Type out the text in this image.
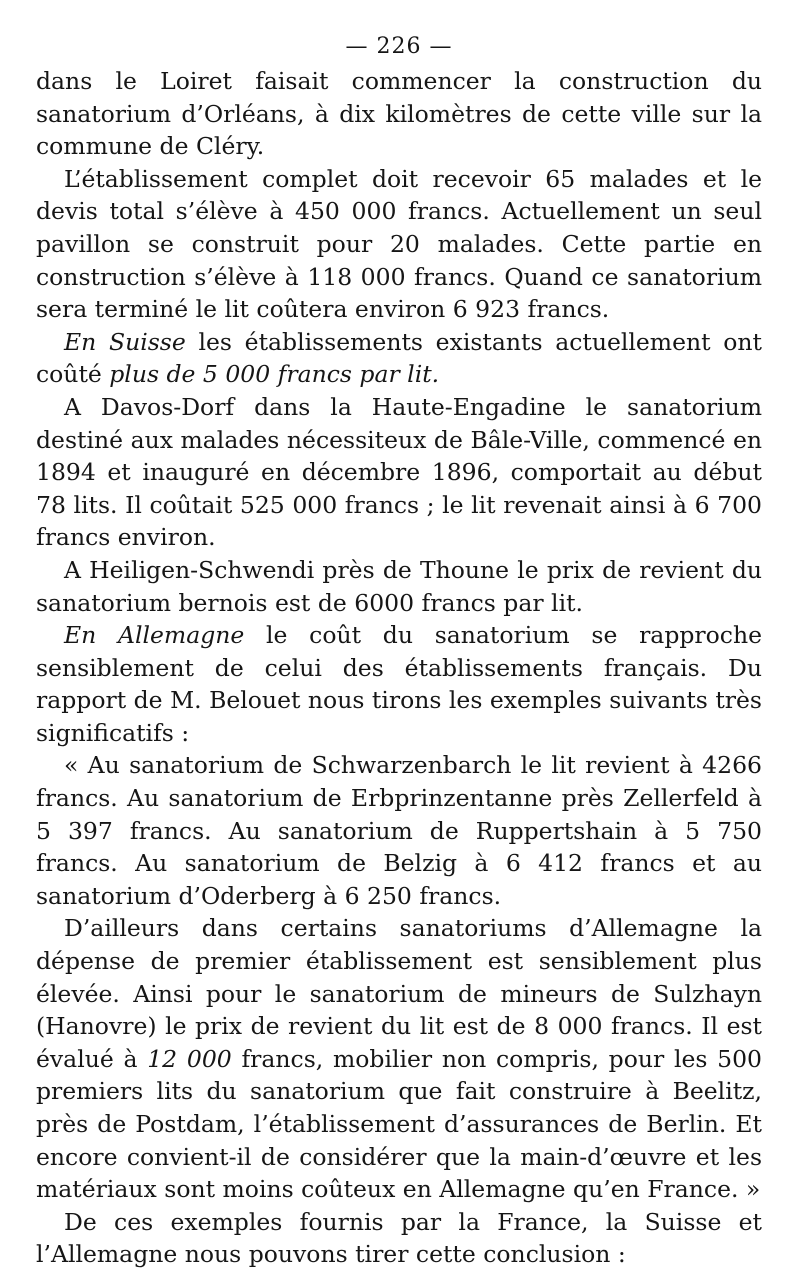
— 226 —

dans le Loiret faisait commencer la construction du sanatorium d’Orléans, à dix kilomètres de cette ville sur la commune de Cléry.

L’établissement complet doit recevoir 65 malades et le devis total s’élève à 450 000 francs. Actuellement un seul pavillon se construit pour 20 malades. Cette partie en construction s’élève à 118 000 francs. Quand ce sanatorium sera terminé le lit coûtera environ 6 923 francs.

En Suisse les établissements existants actuellement ont coûté plus de 5 000 francs par lit.

A Davos-Dorf dans la Haute-Engadine le sanatorium destiné aux malades nécessiteux de Bâle-Ville, commencé en 1894 et inauguré en décembre 1896, comportait au début 78 lits. Il coûtait 525 000 francs ; le lit revenait ainsi à 6 700 francs environ.

A Heiligen-Schwendi près de Thoune le prix de revient du sanatorium bernois est de 6000 francs par lit.

En Allemagne le coût du sanatorium se rapproche sensiblement de celui des établissements français. Du rapport de M. Belouet nous tirons les exemples suivants très significatifs :

« Au sanatorium de Schwarzenbarch le lit revient à 4266 francs. Au sanatorium de Erbprinzentanne près Zellerfeld à 5 397 francs. Au sanatorium de Ruppertshain à 5 750 francs. Au sanatorium de Belzig à 6 412 francs et au sanatorium d’Oderberg à 6 250 francs.

D’ailleurs dans certains sanatoriums d’Allemagne la dépense de premier établissement est sensiblement plus élevée. Ainsi pour le sanatorium de mineurs de Sulzhayn (Hanovre) le prix de revient du lit est de 8 000 francs. Il est évalué à 12 000 francs, mobilier non compris, pour les 500 premiers lits du sanatorium que fait construire à Beelitz, près de Postdam, l’établissement d’assurances de Berlin. Et encore convient-il de considérer que la main-d’œuvre et les matériaux sont moins coûteux en Allemagne qu’en France. »

De ces exemples fournis par la France, la Suisse et l’Allemagne nous pouvons tirer cette conclusion :
